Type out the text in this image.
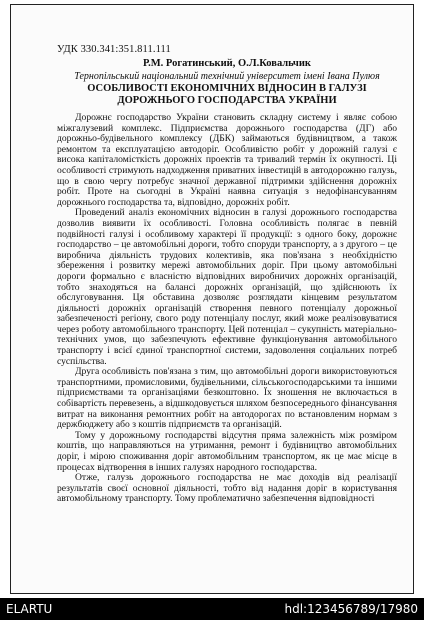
УДК 330.341:351.811.111

Р.М. Рогатинський, О.Л.Ковальчик

Тернопільський національний технічний університет імені Івана Пулюя

ОСОБЛИВОСТІ ЕКОНОМІЧНИХ ВІДНОСИН В ГАЛУЗІ
ДОРОЖНЬОГО ГОСПОДАРСТВА УКРАЇНИ

Дорожнє господарство України становить складну систему і являє собою міжгалузевий комплекс. Підприємства дорожнього господарства (ДГ) або дорожньо-будівельного комплексу (ДБК) займаються будівництвом, а також ремонтом та експлуатацією автодоріг. Особливістю робіт у дорожній галузі є висока капіталомісткість дорожніх проектів та тривалий термін їх окупності. Ці особливості стримують надходження приватних інвестицій в автодорожню галузь, що в свою чергу потребує значної державної підтримки здійснення дорожніх робіт. Проте на сьогодні в Україні наявна ситуація з недофінансуванням дорожнього господарства та, відповідно, дорожніх робіт.

Проведений аналіз економічних відносин в галузі дорожнього господарства дозволив виявити їх особливості. Головна особливість полягає в певній подвійності галузі і особливому характері її продукції: з одного боку, дорожнє господарство – це автомобільні дороги, тобто споруди транспорту, а з другого – це виробнича діяльність трудових колективів, яка пов'язана з необхідністю збереження і розвитку мережі автомобільних доріг. При цьому автомобільні дороги формально є власністю відповідних виробничих дорожніх організацій, тобто знаходяться на балансі дорожніх організацій, що здійснюють їх обслуговування. Ця обставина дозволяє розглядати кінцевим результатом діяльності дорожніх організацій створення певного потенціалу дорожньої забезпеченості регіону, свого роду потенціалу послуг, який може реалізовуватися через роботу автомобільного транспорту. Цей потенціал – сукупність матеріально-технічних умов, що забезпечують ефективне функціонування автомобільного транспорту і всієї єдиної транспортної системи, задоволення соціальних потреб суспільства.

Друга особливість пов'язана з тим, що автомобільні дороги використовуються транспортними, промисловими, будівельними, сільськогосподарськими та іншими підприємствами та організаціями безкоштовно. Їх зношення не включається в собівартість перевезень, а відшкодовується шляхом безпосереднього фінансування витрат на виконання ремонтних робіт на автодорогах по встановленим нормам з держбюджету або з коштів підприємств та організацій.

Тому у дорожньому господарстві відсутня пряма залежність між розміром коштів, що направляються на утримання, ремонт і будівництво автомобільних доріг, і мірою споживання доріг автомобільним транспортом, як це має місце в процесах відтворення в інших галузях народного господарства.

Отже, галузь дорожнього господарства не має доходів від реалізації результатів своєї основної діяльності, тобто від надання доріг в користування автомобільному транспорту. Тому проблематично забезпечення відповідності

ELARTU	hdl:123456789/17980
